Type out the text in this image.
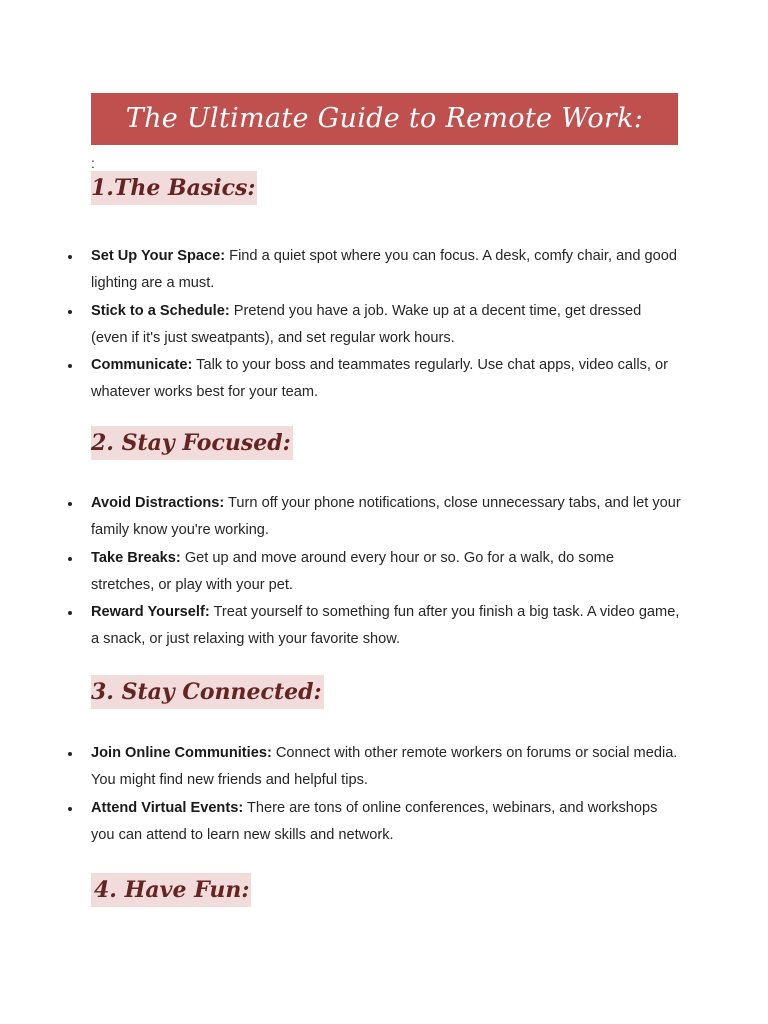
The Ultimate Guide to Remote Work:
:
1.The Basics:
Set Up Your Space: Find a quiet spot where you can focus. A desk, comfy chair, and good lighting are a must.
Stick to a Schedule: Pretend you have a job. Wake up at a decent time, get dressed (even if it's just sweatpants), and set regular work hours.
Communicate: Talk to your boss and teammates regularly. Use chat apps, video calls, or whatever works best for your team.
2. Stay Focused:
Avoid Distractions: Turn off your phone notifications, close unnecessary tabs, and let your family know you're working.
Take Breaks: Get up and move around every hour or so. Go for a walk, do some stretches, or play with your pet.
Reward Yourself: Treat yourself to something fun after you finish a big task. A video game, a snack, or just relaxing with your favorite show.
3. Stay Connected:
Join Online Communities: Connect with other remote workers on forums or social media. You might find new friends and helpful tips.
Attend Virtual Events: There are tons of online conferences, webinars, and workshops you can attend to learn new skills and network.
4. Have Fun:
